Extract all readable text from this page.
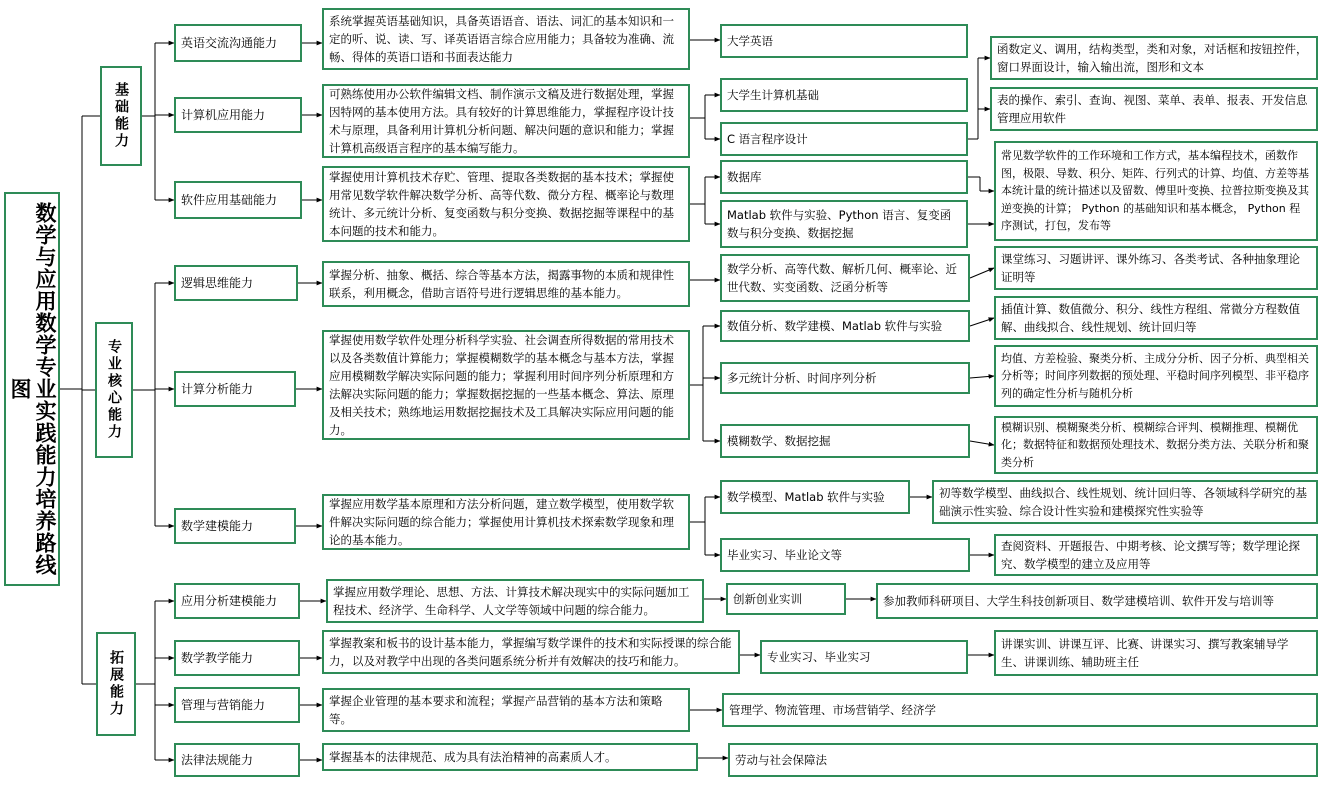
数学与应用数学专业实践能力培养路线图
基础能力
专业核心能力
拓展能力
英语交流沟通能力
计算机应用能力
软件应用基础能力
逻辑思维能力
计算分析能力
数学建模能力
应用分析建模能力
数学教学能力
管理与营销能力
法律法规能力
系统掌握英语基础知识，具备英语语音、语法、词汇的基本知识和一定的听、说、读、写、译英语语言综合应用能力；具备较为准确、流畅、得体的英语口语和书面表达能力
可熟练使用办公软件编辑文档、制作演示文稿及进行数据处理，掌握因特网的基本使用方法。具有较好的计算思维能力，掌握程序设计技术与原理，具备利用计算机分析问题、解决问题的意识和能力；掌握计算机高级语言程序的基本编写能力。
掌握使用计算机技术存贮、管理、提取各类数据的基本技术；掌握使用常见数学软件解决数学分析、高等代数、微分方程、概率论与数理统计、多元统计分析、复变函数与积分变换、数据挖掘等课程中的基本问题的技术和能力。
掌握分析、抽象、概括、综合等基本方法，揭露事物的本质和规律性联系，利用概念，借助言语符号进行逻辑思维的基本能力。
掌握使用数学软件处理分析科学实验、社会调查所得数据的常用技术以及各类数值计算能力；掌握模糊数学的基本概念与基本方法，掌握应用模糊数学解决实际问题的能力；掌握利用时间序列分析原理和方法解决实际问题的能力；掌握数据挖掘的一些基本概念、算法、原理及相关技术；熟练地运用数据挖掘技术及工具解决实际应用问题的能力。
掌握应用数学基本原理和方法分析问题，建立数学模型，使用数学软件解决实际问题的综合能力；掌握使用计算机技术探索数学现象和理论的基本能力。
掌握应用数学理论、思想、方法、计算技术解决现实中的实际问题加工程技术、经济学、生命科学、人文学等领域中问题的综合能力。
掌握教案和板书的设计基本能力，掌握编写数学课件的技术和实际授课的综合能力，以及对教学中出现的各类问题系统分析并有效解决的技巧和能力。
掌握企业管理的基本要求和流程；掌握产品营销的基本方法和策略等。
掌握基本的法律规范、成为具有法治精神的高素质人才。
大学英语
大学生计算机基础
C 语言程序设计
数据库
Matlab 软件与实验、Python 语言、复变函数与积分变换、数据挖掘
数学分析、高等代数、解析几何、概率论、近世代数、实变函数、泛函分析等
数值分析、数学建模、Matlab 软件与实验
多元统计分析、时间序列分析
模糊数学、数据挖掘
数学模型、Matlab 软件与实验
毕业实习、毕业论文等
创新创业实训
专业实习、毕业实习
管理学、物流管理、市场营销学、经济学
劳动与社会保障法
函数定义、调用，结构类型，类和对象，对话框和按钮控件，窗口界面设计，输入输出流，图形和文本
表的操作、索引、查询、视图、菜单、表单、报表、开发信息管理应用软件
常见数学软件的工作环境和工作方式，基本编程技术，函数作图，极限、导数、积分、矩阵、行列式的计算、均值、方差等基本统计量的统计描述以及留数、傅里叶变换、拉普拉斯变换及其逆变换的计算； Python 的基础知识和基本概念， Python 程序测试，打包，发布等
课堂练习、习题讲评、课外练习、各类考试、各种抽象理论证明等
插值计算、数值微分、积分、线性方程组、常微分方程数值解、曲线拟合、线性规划、统计回归等
均值、方差检验、聚类分析、主成分分析、因子分析、典型相关分析等；时间序列数据的预处理、平稳时间序列模型、非平稳序列的确定性分析与随机分析
模糊识别、模糊聚类分析、模糊综合评判、模糊推理、模糊优化；数据特征和数据预处理技术、数据分类方法、关联分析和聚类分析
初等数学模型、曲线拟合、线性规划、统计回归等、各领域科学研究的基础演示性实验、综合设计性实验和建模探究性实验等
查阅资料、开题报告、中期考核、论文撰写等；数学理论探究、数学模型的建立及应用等
参加教师科研项目、大学生科技创新项目、数学建模培训、软件开发与培训等
讲课实训、讲课互评、比赛、讲课实习、撰写教案辅导学生、讲课训练、辅助班主任
